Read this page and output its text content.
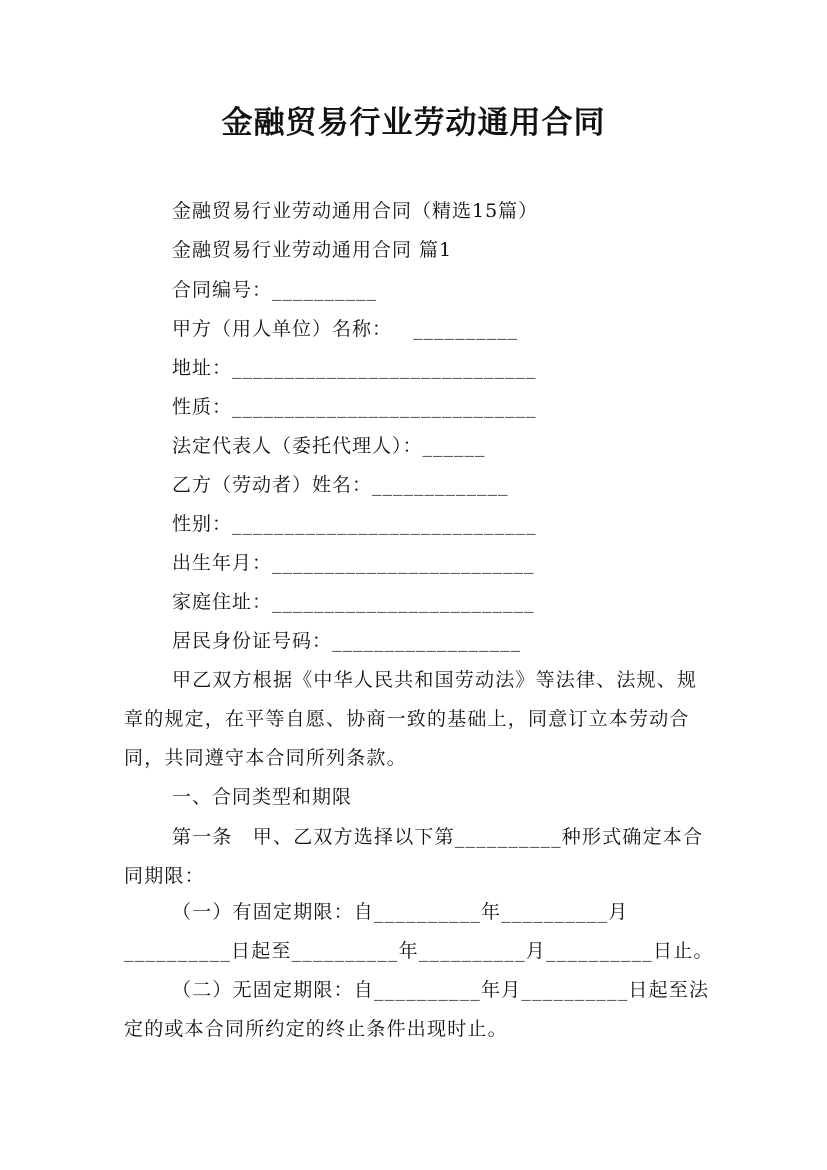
金融贸易行业劳动通用合同
金融贸易行业劳动通用合同（精选15篇）
金融贸易行业劳动通用合同 篇1
合同编号：__________
甲方（用人单位）名称：   __________
地址：_____________________________
性质：_____________________________
法定代表人（委托代理人）：______
乙方（劳动者）姓名：_____________
性别：_____________________________
出生年月：_________________________
家庭住址：_________________________
居民身份证号码：__________________
甲乙双方根据《中华人民共和国劳动法》等法律、法规、规章的规定，在平等自愿、协商一致的基础上，同意订立本劳动合同，共同遵守本合同所列条款。
一、合同类型和期限
第一条　甲、乙双方选择以下第__________种形式确定本合同期限：
（一）有固定期限：自__________年__________月__________日起至__________年__________月__________日止。
（二）无固定期限：自__________年月__________日起至法定的或本合同所约定的终止条件出现时止。
